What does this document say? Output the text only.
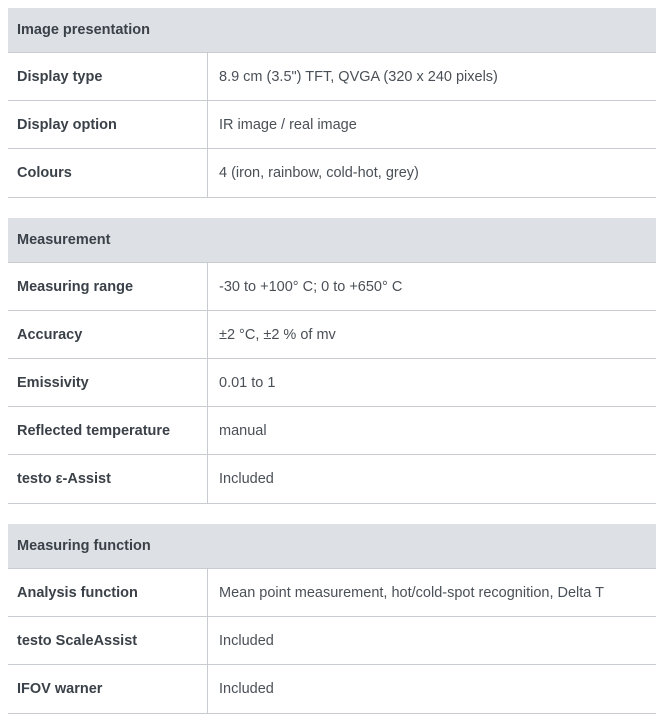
Image presentation
Display type	8.9 cm (3.5") TFT, QVGA (320 x 240 pixels)
Display option	IR image / real image
Colours	4 (iron, rainbow, cold-hot, grey)
Measurement
Measuring range	-30 to +100° C; 0 to +650° C
Accuracy	±2 °C, ±2 % of mv
Emissivity	0.01 to 1
Reflected temperature	manual
testo ε-Assist	Included
Measuring function
Analysis function	Mean point measurement, hot/cold-spot recognition, Delta T
testo ScaleAssist	Included
IFOV warner	Included
